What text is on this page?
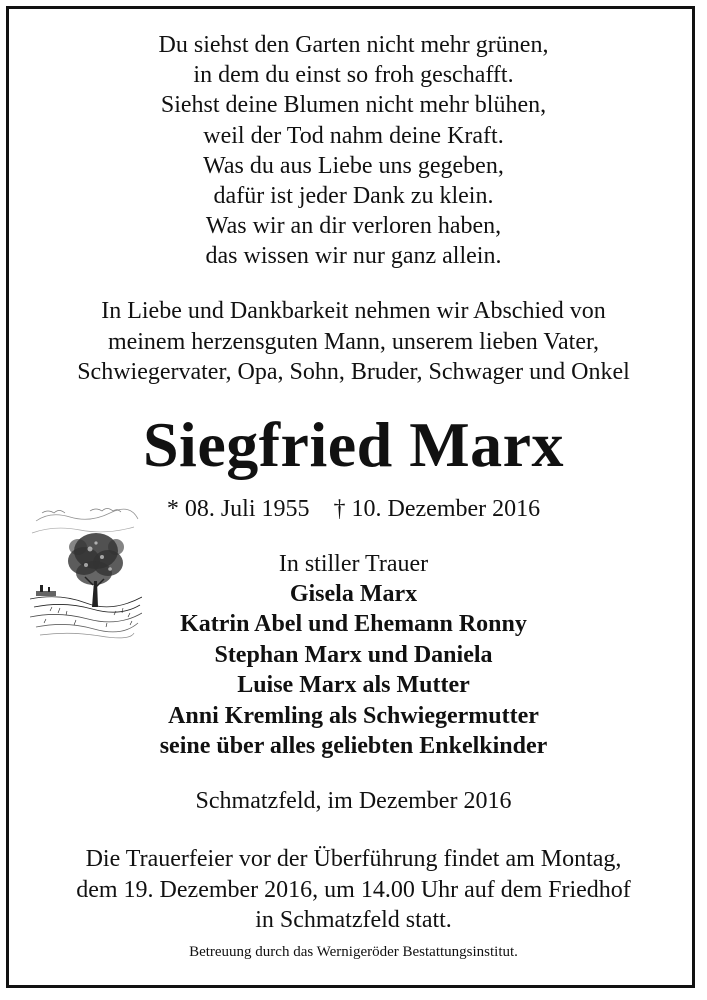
Du siehst den Garten nicht mehr grünen,
in dem du einst so froh geschafft.
Siehst deine Blumen nicht mehr blühen,
weil der Tod nahm deine Kraft.
Was du aus Liebe uns gegeben,
dafür ist jeder Dank zu klein.
Was wir an dir verloren haben,
das wissen wir nur ganz allein.
In Liebe und Dankbarkeit nehmen wir Abschied von
meinem herzensguten Mann, unserem lieben Vater,
Schwiegervater, Opa, Sohn, Bruder, Schwager und Onkel
Siegfried Marx
* 08. Juli 1955 † 10. Dezember 2016
In stiller Trauer
Gisela Marx
Katrin Abel und Ehemann Ronny
Stephan Marx und Daniela
Luise Marx als Mutter
Anni Kremling als Schwiegermutter
seine über alles geliebten Enkelkinder
Schmatzfeld, im Dezember 2016
Die Trauerfeier vor der Überführung findet am Montag,
dem 19. Dezember 2016, um 14.00 Uhr auf dem Friedhof
in Schmatzfeld statt.
Betreuung durch das Wernigeröder Bestattungsinstitut.
